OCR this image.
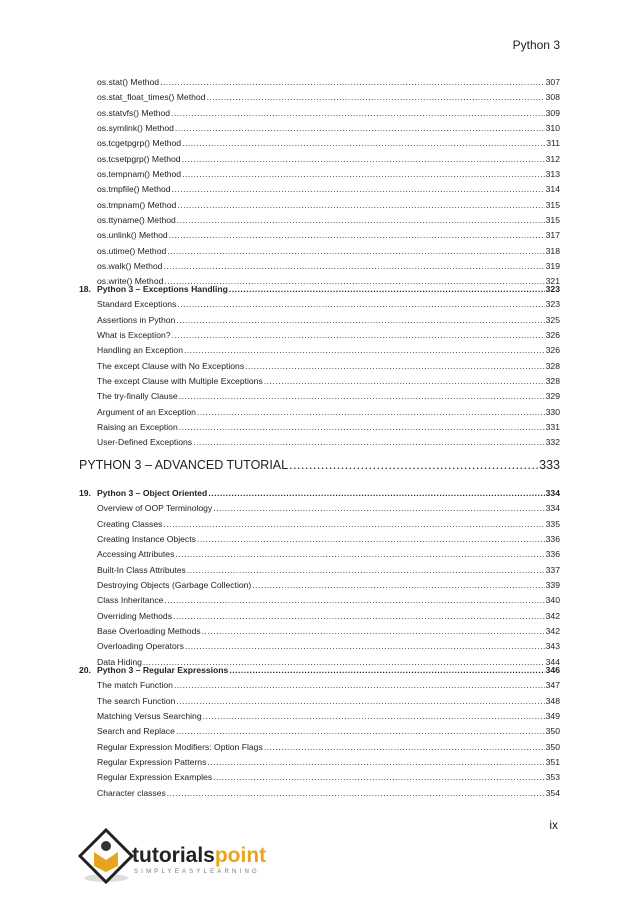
Python 3
os.stat() Method .....	307
os.stat_float_times() Method .....	308
os.statvfs() Method .....	309
os.symlink() Method .....	310
os.tcgetpgrp() Method .....	311
os.tcsetpgrp() Method .....	312
os.tempnam() Method .....	313
os.tmpfile() Method .....	314
os.tmpnam() Method .....	315
os.ttyname() Method .....	315
os.unlink() Method .....	317
os.utime() Method .....	318
os.walk() Method .....	319
os.write() Method .....	321
18. Python 3 – Exceptions Handling .....	323
Standard Exceptions .....	323
Assertions in Python .....	325
What is Exception? .....	326
Handling an Exception .....	326
The except Clause with No Exceptions .....	328
The except Clause with Multiple Exceptions .....	328
The try-finally Clause .....	329
Argument of an Exception .....	330
Raising an Exception .....	331
User-Defined Exceptions .....	332
PYTHON 3 – ADVANCED TUTORIAL .....	333
19. Python 3 – Object Oriented .....	334
Overview of OOP Terminology .....	334
Creating Classes .....	335
Creating Instance Objects .....	336
Accessing Attributes .....	336
Built-In Class Attributes .....	337
Destroying Objects (Garbage Collection) .....	339
Class Inheritance .....	340
Overriding Methods .....	342
Base Overloading Methods .....	342
Overloading Operators .....	343
Data Hiding .....	344
20. Python 3 – Regular Expressions .....	346
The match Function .....	347
The search Function .....	348
Matching Versus Searching .....	349
Search and Replace .....	350
Regular Expression Modifiers: Option Flags .....	350
Regular Expression Patterns .....	351
Regular Expression Examples .....	353
Character classes .....	354
ix
tutorialspoint
SIMPLYEASYLEARNING
